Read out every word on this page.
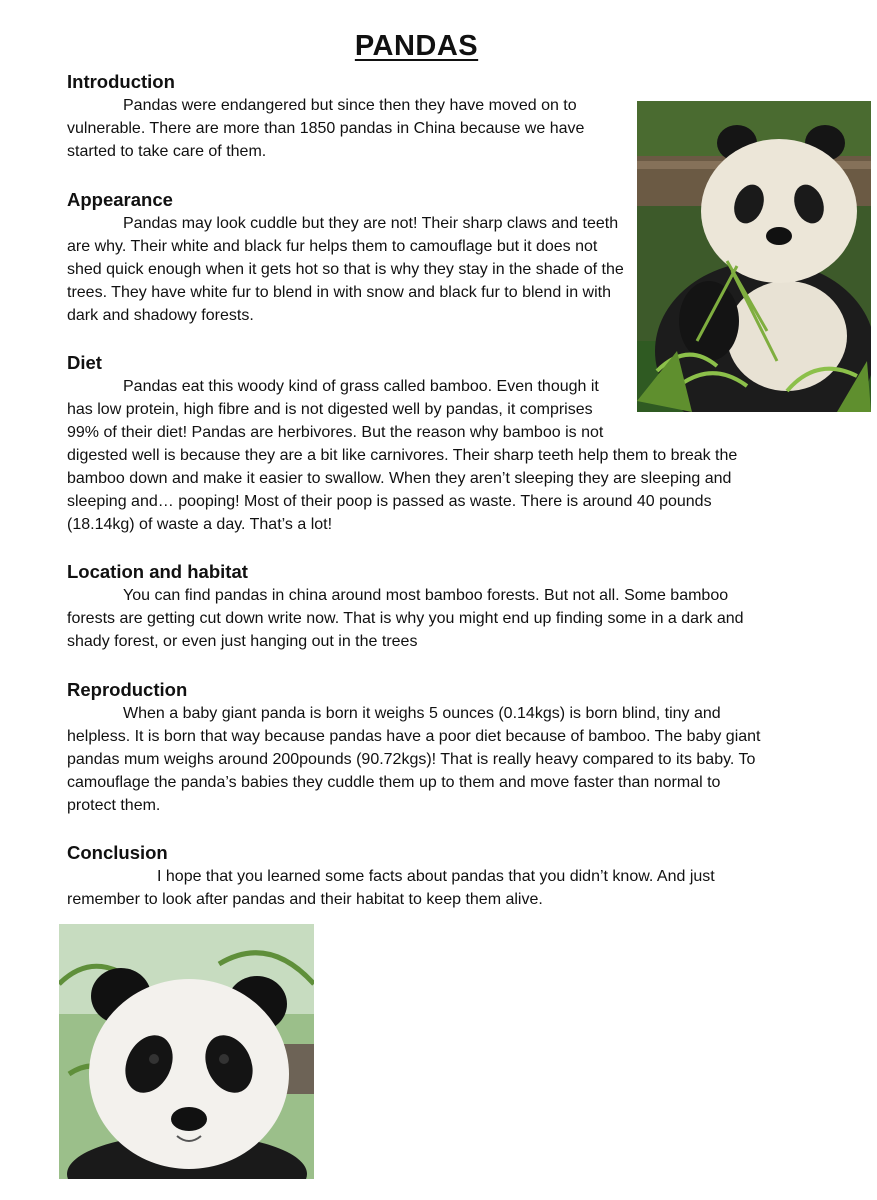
PANDAS
Introduction

Pandas were endangered but since then they have moved on to vulnerable. There are more than 1850 pandas in China because we have started to take care of them.

Appearance

Pandas may look cuddle but they are not! Their sharp claws and teeth are why. Their white and black fur helps them to camouflage but it does not shed quick enough when it gets hot so that is why they stay in the shade of the trees. They have white fur to blend in with snow and black fur to blend in with dark and shadowy forests.

Diet

Pandas eat this woody kind of grass called bamboo. Even though it has low protein, high fibre and is not digested well by pandas, it comprises 99% of their diet! Pandas are herbivores. But the reason why bamboo is not digested well is because they are a bit like carnivores. Their sharp teeth help them to break the bamboo down and make it easier to swallow. When they aren’t sleeping they are sleeping and sleeping and… pooping! Most of their poop is passed as waste. There is around 40 pounds (18.14kg) of waste a day. That’s a lot!

Location and habitat

You can find pandas in china around most bamboo forests. But not all. Some bamboo forests are getting cut down write now. That is why you might end up finding some in a dark and shady forest, or even just hanging out in the trees

Reproduction

When a baby giant panda is born it weighs 5 ounces (0.14kgs) is born blind, tiny and helpless. It is born that way because pandas have a poor diet because of bamboo. The baby giant pandas mum weighs around 200pounds (90.72kgs)! That is really heavy compared to its baby. To camouflage the panda’s babies they cuddle them up to them and move faster than normal to protect them.

Conclusion

I hope that you learned some facts about pandas that you didn’t know. And just remember to look after pandas and their habitat to keep them alive.
